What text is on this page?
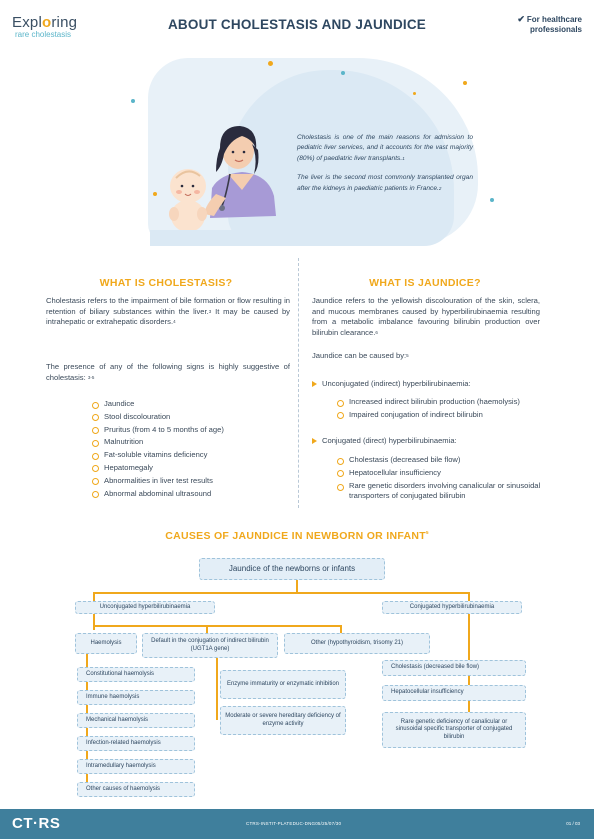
Exploring
rare cholestasis
ABOUT CHOLESTASIS AND JAUNDICE	✔ For healthcare
professionals

Cholestasis is one of the main reasons for admission to pediatric liver services, and it accounts for the vast majority (80%) of paediatric liver transplants.$^1$

The liver is the second most commonly transplanted organ after the kidneys in paediatric patients in France.$^2$

WHAT IS CHOLESTASIS?
Cholestasis refers to the impairment of bile formation or flow resulting in retention of biliary substances within the liver.$^3$ It may be caused by intrahepatic or extrahepatic disorders.$^4$
The presence of any of the following signs is highly suggestive of cholestasis: $^{3-5}$
Jaundice
Stool discolouration
Pruritus (from 4 to 5 months of age)
Malnutrition
Fat-soluble vitamins deficiency
Hepatomegaly
Abnormalities in liver test results
Abnormal abdominal ultrasound
WHAT IS JAUNDICE?
Jaundice refers to the yellowish discolouration of the skin, sclera, and mucous membranes caused by hyperbilirubinaemia resulting from a metabolic imbalance favouring bilirubin production over bilirubin clearance.$^6$
Jaundice can be caused by:$^5$
Unconjugated (indirect) hyperbilirubinaemia:
Increased indirect bilirubin production (haemolysis)
Impaired conjugation of indirect bilirubin
Conjugated (direct) hyperbilirubinaemia:
Cholestasis (decreased bile flow)
Hepatocellular insufficiency
Rare genetic disorders involving canalicular or sinusoidal transporters of conjugated bilirubin
CAUSES OF JAUNDICE IN NEWBORN OR INFANT$^5$
Jaundice of the newborns or infants
Unconjugated hyperbilirubinaemia	Conjugated hyperbilirubinaemia
Haemolysis	Default in the conjugation of indirect bilirubin (UGT1A gene)
Other (hypothyroidism, trisomy 21)
Constitutional haemolysis
Immune haemolysis
Mechanical haemolysis
Infection-related haemolysis
Intramedullary haemolysis
Other causes of haemolysis
Enzyme immaturity or enzymatic inhibition
Moderate or severe hereditary deficiency of enzyme activity
Cholestasis (decreased bile flow)
Hepatocellular insufficiency
Rare genetic deficiency of canalicular or sinusoidal specific transporter of conjugated bilirubin
CT·RS	CTRS-INSTIT-PLATEDUC-DNG05/25/07/30	01 / 03
